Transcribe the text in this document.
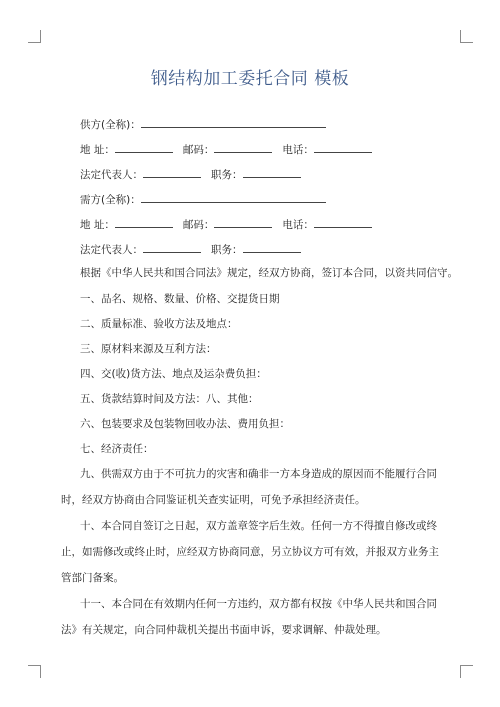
钢结构加工委托合同 模板
供方(全称)：
地 址：	邮码：	电话：
法定代表人：	职务：
需方(全称)：
地 址：	邮码：	电话：
法定代表人：	职务：
根据《中华人民共和国合同法》规定，经双方协商，签订本合同，以资共同信守。
一、品名、规格、数量、价格、交提货日期
二、质量标准、验收方法及地点：
三、原材料来源及互利方法：
四、交(收)货方法、地点及运杂费负担：
五、货款结算时间及方法：八、其他：
六、包装要求及包装物回收办法、费用负担：
七、经济责任：

九、供需双方由于不可抗力的灾害和确非一方本身造成的原因而不能履行合同时，经双方协商由合同鉴证机关查实证明，可免予承担经济责任。

十、本合同自签订之日起，双方盖章签字后生效。任何一方不得擅自修改或终止，如需修改或终止时，应经双方协商同意，另立协议方可有效，并报双方业务主管部门备案。

十一、本合同在有效期内任何一方违约，双方都有权按《中华人民共和国合同法》有关规定，向合同仲裁机关提出书面申诉，要求调解、仲裁处理。
